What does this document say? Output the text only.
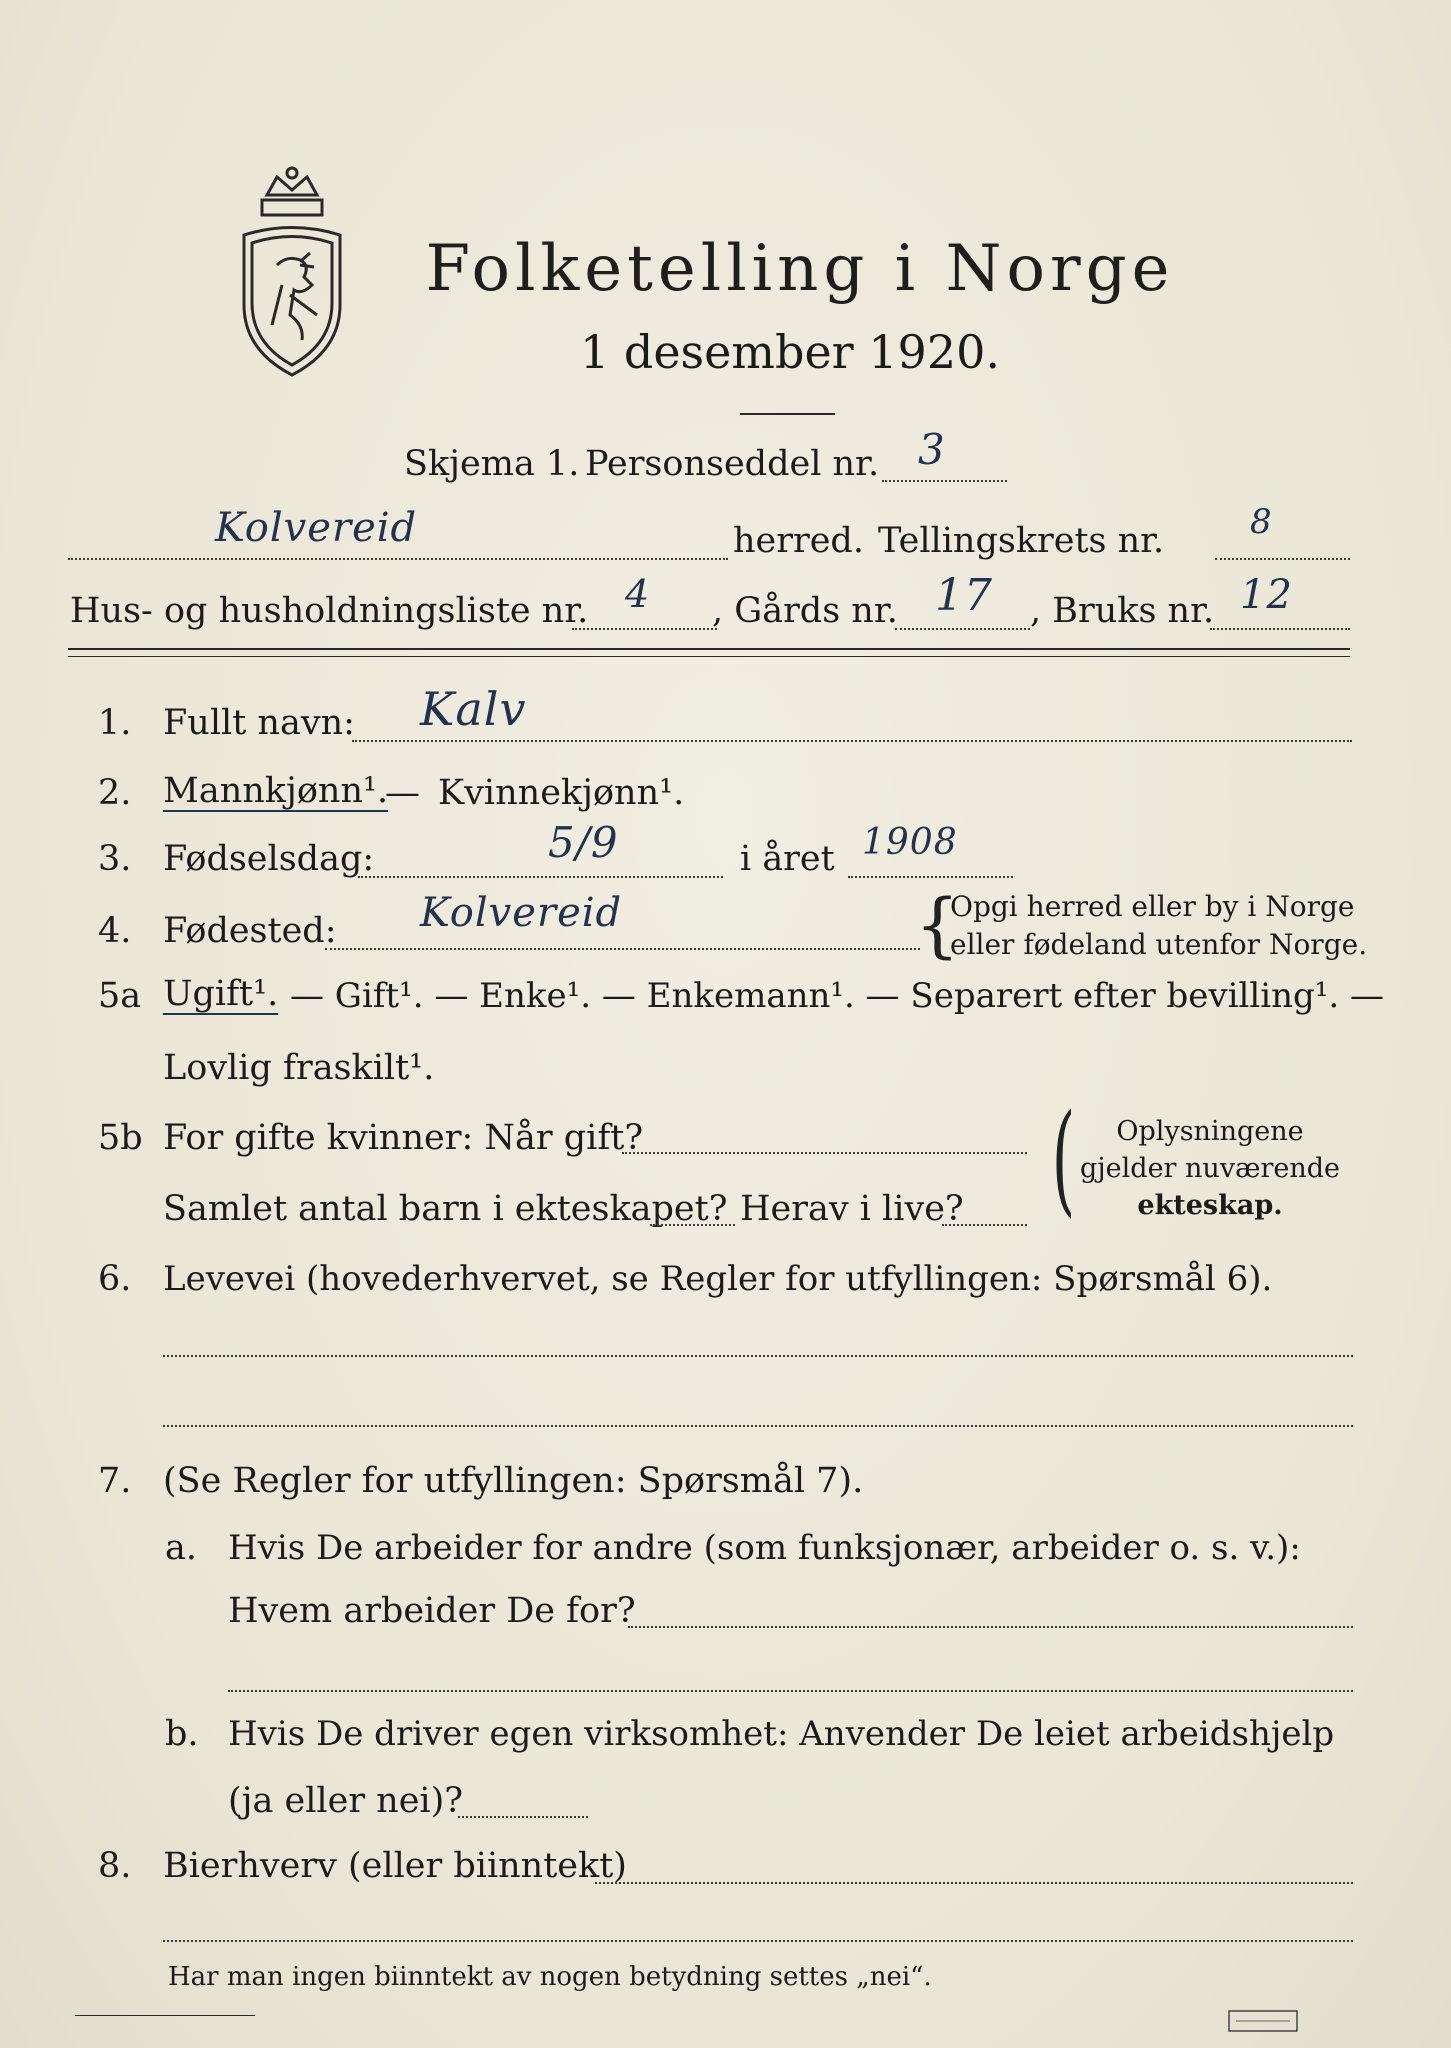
Folketelling i Norge
1 desember 1920.
Skjema 1. Personseddel nr. 3
Kolvereid	herred. Tellingskrets nr.	8
Hus- og husholdningsliste nr. 4 , Gårds nr. 17 , Bruks nr. 12
1. Fullt navn: Kalv
2. Mannkjønn¹.
— Kvinnekjønn¹.
3. Fødselsdag:	5/9	i året 1908
4. Fødested: Kolvereid	{
Opgi herred eller by i Norge
eller fødeland utenfor Norge.
5a Ugift¹. — Gift¹. — Enke¹. — Enkemann¹. — Separert efter bevilling¹. —
Lovlig fraskilt¹.
5b For gifte kvinner: Når gift?
Samlet antal barn i ekteskapet? Herav i live? (	Oplysningene
gjelder nuværende
ekteskap.
6. Levevei (hovederhvervet, se Regler for utfyllingen: Spørsmål 6).
7. (Se Regler for utfyllingen: Spørsmål 7).
a. Hvis De arbeider for andre (som funksjonær, arbeider o. s. v.):
Hvem arbeider De for?
b. Hvis De driver egen virksomhet: Anvender De leiet arbeidshjelp
(ja eller nei)?
8. Bierhverv (eller biinntekt)
Har man ingen biinntekt av nogen betydning settes „nei“.
